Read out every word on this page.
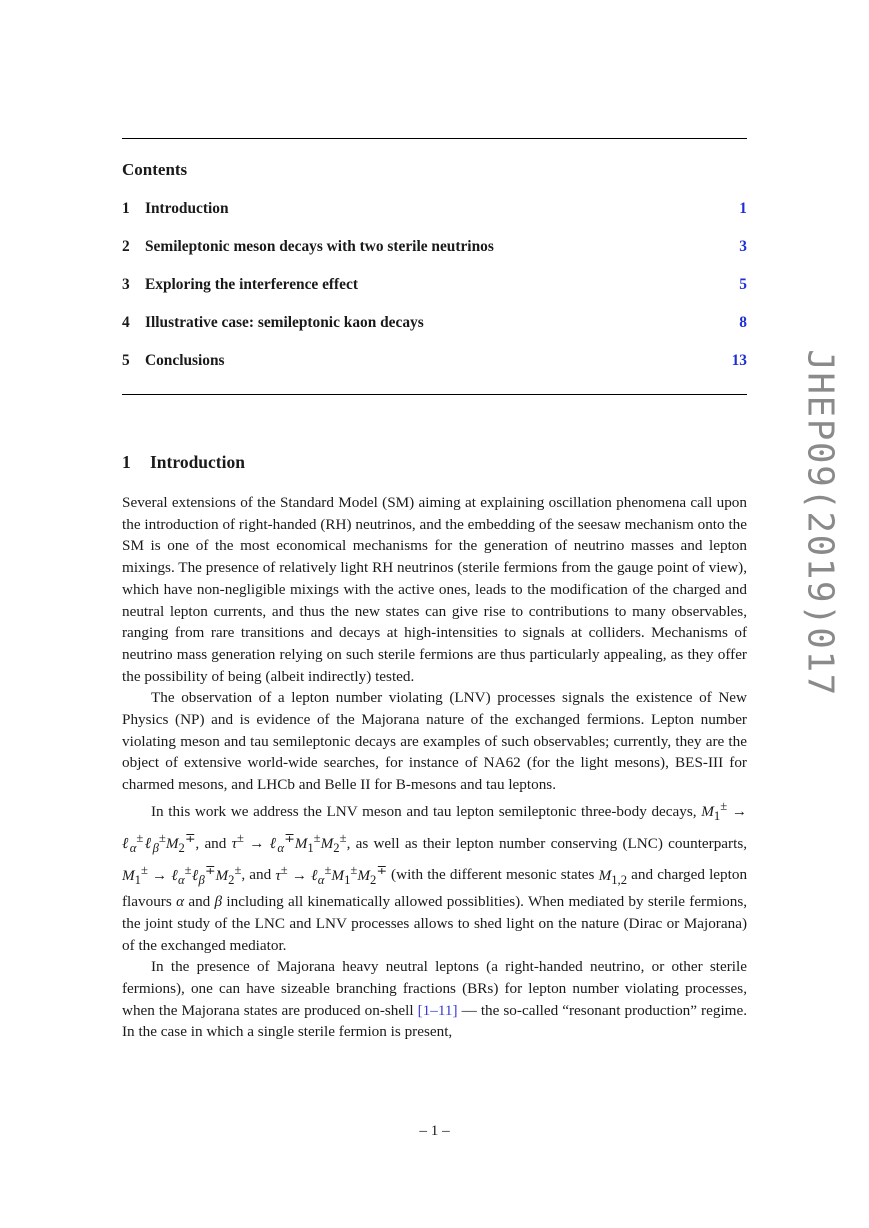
JHEP09(2019)017
Contents
1 Introduction	1
2 Semileptonic meson decays with two sterile neutrinos	3
3 Exploring the interference effect	5
4 Illustrative case: semileptonic kaon decays	8
5 Conclusions	13
1 Introduction

Several extensions of the Standard Model (SM) aiming at explaining oscillation phenomena call upon the introduction of right-handed (RH) neutrinos, and the embedding of the seesaw mechanism onto the SM is one of the most economical mechanisms for the generation of neutrino masses and lepton mixings. The presence of relatively light RH neutrinos (sterile fermions from the gauge point of view), which have non-negligible mixings with the active ones, leads to the modification of the charged and neutral lepton currents, and thus the new states can give rise to contributions to many observables, ranging from rare transitions and decays at high-intensities to signals at colliders. Mechanisms of neutrino mass generation relying on such sterile fermions are thus particularly appealing, as they offer the possibility of being (albeit indirectly) tested.

The observation of a lepton number violating (LNV) processes signals the existence of New Physics (NP) and is evidence of the Majorana nature of the exchanged fermions. Lepton number violating meson and tau semileptonic decays are examples of such observables; currently, they are the object of extensive world-wide searches, for instance of NA62 (for the light mesons), BES-III for charmed mesons, and LHCb and Belle II for B-mesons and tau leptons.

In this work we address the LNV meson and tau lepton semileptonic three-body decays, $M_1^\pm$ → $\ell_\alpha^\pm\ell_\beta^\pm M_2^\mp$, and $\tau^\pm \to \ell_\alpha^\mp M_1^\pm M_2^\pm$, as well as their lepton number conserving (LNC) counterparts, $M_1^\pm$ → $\ell_\alpha^\pm\ell_\beta^\mp M_2^\pm$, and $\tau^\pm \to \ell_\alpha^\pm M_1^\pm M_2^\mp$ (with the different mesonic states $M_{1,2}$ and charged lepton flavours α and β including all kinematically allowed possiblities). When mediated by sterile fermions, the joint study of the LNC and LNV processes allows to shed light on the nature (Dirac or Majorana) of the exchanged mediator.

In the presence of Majorana heavy neutral leptons (a right-handed neutrino, or other sterile fermions), one can have sizeable branching fractions (BRs) for lepton number violating processes, when the Majorana states are produced on-shell [1–11] — the so-called “resonant production” regime. In the case in which a single sterile fermion is present,

– 1 –
